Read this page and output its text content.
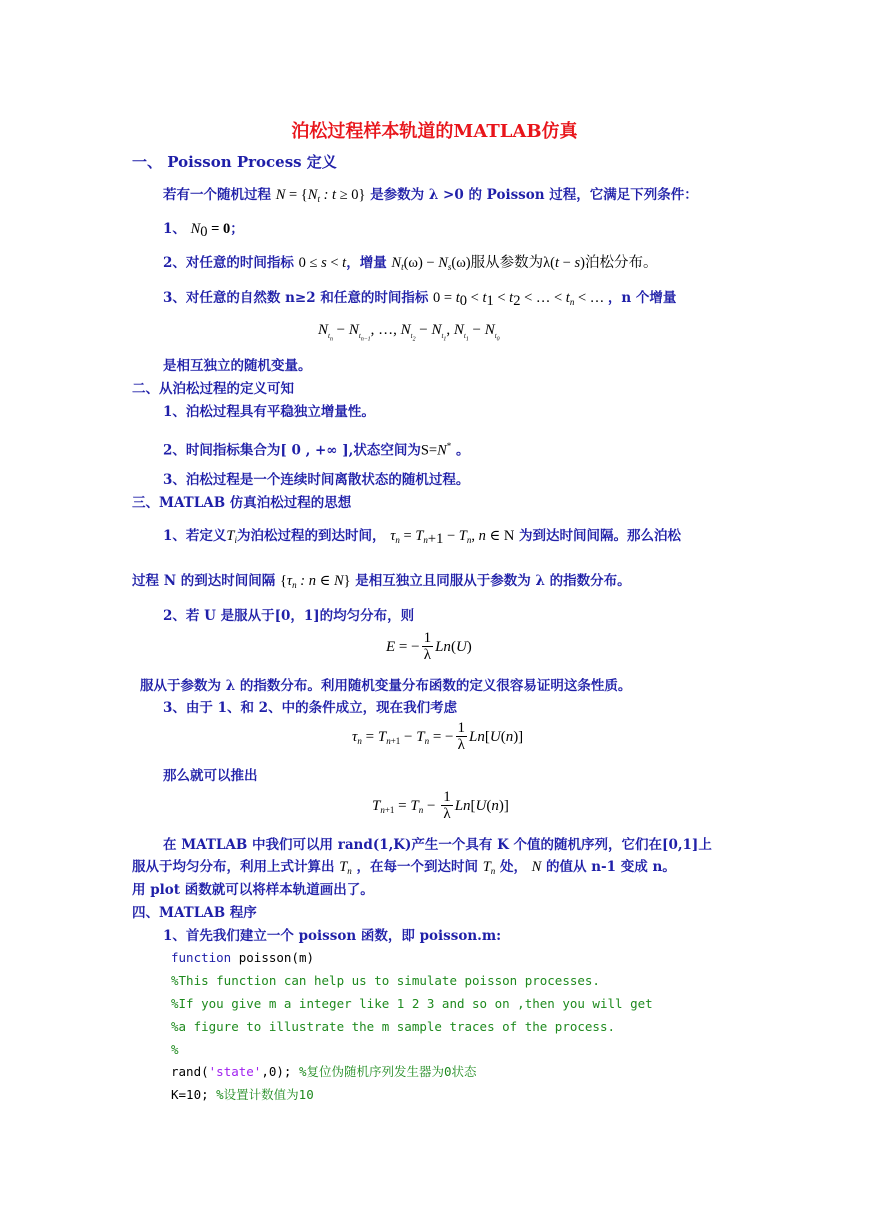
泊松过程样本轨道的MATLAB仿真
一、 Poisson Process 定义
若有一个随机过程 $N = \{N_t$ : t ≥ 0} 是参数为 λ >0 的 Poisson 过程，它满足下列条件：
1、 N0 = 0；
2、对任意的时间指标 0 ≤ s < t，增量 $N_t(\omega) - N_s(\omega)$服从参数为λ(t − s)泊松分布。
3、对任意的自然数 n≥2 和任意的时间指标 0 = t0 < t1 < t2 < … < $t_n$ < … ，n 个增量
$N_{t_n} - N_{t_{n-1}}$, …, $N_{t_2} - N_{t_1}$, $N_{t_1} - N_{t_0}$
是相互独立的随机变量。
二、从泊松过程的定义可知
1、泊松过程具有平稳独立增量性。
2、时间指标集合为[ 0 , +∞ ],状态空间为S=N* 。
3、泊松过程是一个连续时间离散状态的随机过程。
三、MATLAB 仿真泊松过程的思想
1、若定义$T_i$为泊松过程的到达时间， $\tau_n = T_n+1 - T_n$, n ∈ N 为到达时间间隔。那么泊松
过程 N 的到达时间间隔 {$\tau_n$ : n ∈ N} 是相互独立且同服从于参数为 λ 的指数分布。
2、若 U 是服从于[0，1]的均匀分布，则
E = − $\frac{1}{\lambda} Ln(U)$
服从于参数为 λ 的指数分布。利用随机变量分布函数的定义很容易证明这条性质。
3、由于 1、和 2、中的条件成立，现在我们考虑
$\tau_n = T_{n+1} - T_n$ = − $\frac{1}{\lambda} Ln[U(n)]$
那么就可以推出
$T_{n+1} = T_n - \frac{1}{\lambda} Ln[U(n)]$
在 MATLAB 中我们可以用 rand(1,K)产生一个具有 K 个值的随机序列，它们在[0,1]上
服从于均匀分布，利用上式计算出 $T_n$ ，在每一个到达时间 $T_n$ 处， N 的值从 n-1 变成 n。
用 plot 函数就可以将样本轨道画出了。
四、MATLAB 程序
1、首先我们建立一个 poisson 函数，即 poisson.m:
function poisson(m)
%This function can help us to simulate poisson processes.
%If you give m a integer like 1 2 3 and so on ,then you will get
%a figure to illustrate the m sample traces of the process.
%
rand('state',0); %复位伪随机序列发生器为0状态
K=10; %设置计数值为10
